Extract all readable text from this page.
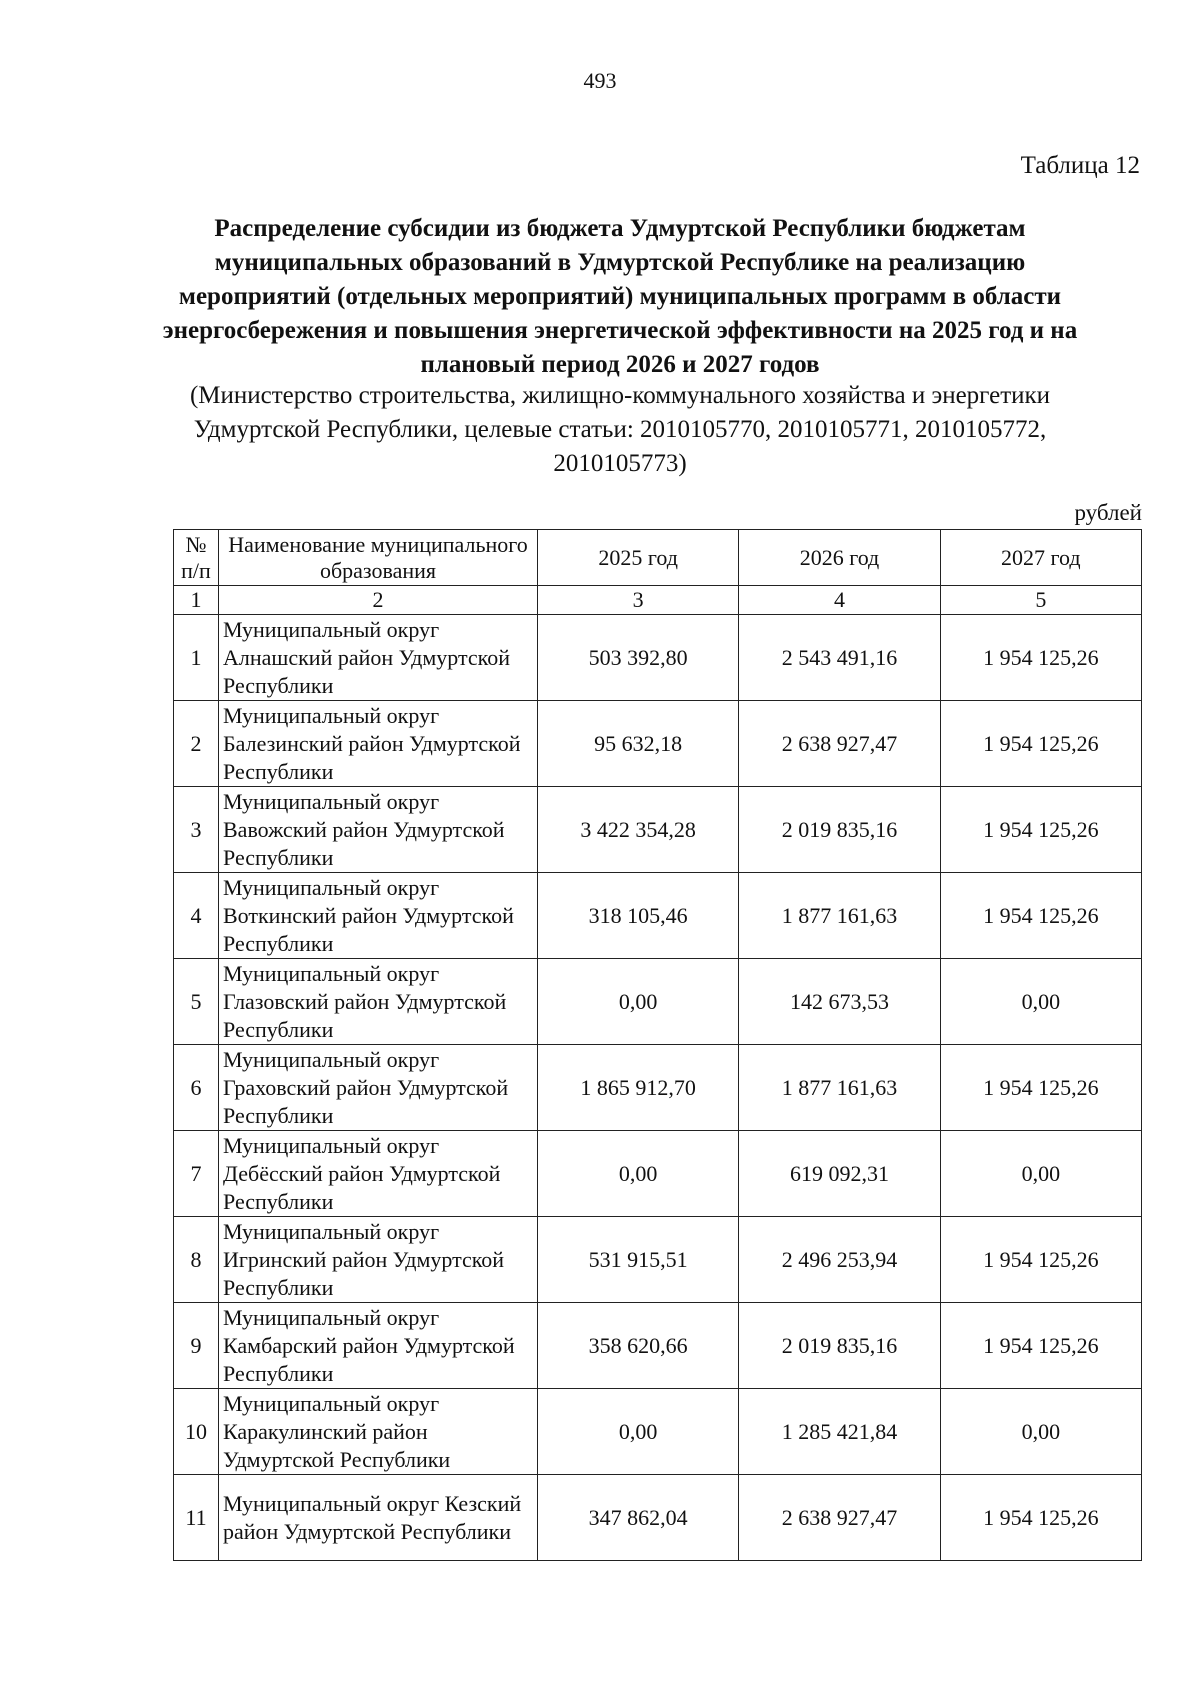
493
Таблица 12
Распределение субсидии из бюджета Удмуртской Республики бюджетам муниципальных образований в Удмуртской Республике на реализацию мероприятий (отдельных мероприятий) муниципальных программ в области энергосбережения и повышения энергетической эффективности на 2025 год и на плановый период 2026 и 2027 годов
(Министерство строительства, жилищно-коммунального хозяйства и энергетики Удмуртской Республики, целевые статьи: 2010105770, 2010105771, 2010105772, 2010105773)
рублей
№ п/п	Наименование муниципального образования	2025 год	2026 год	2027 год
1	2	3	4	5
1	Муниципальный округ Алнашский район Удмуртской Республики	503 392,80	2 543 491,16	1 954 125,26
2	Муниципальный округ Балезинский район Удмуртской Республики	95 632,18	2 638 927,47	1 954 125,26
3	Муниципальный округ Вавожский район Удмуртской Республики	3 422 354,28	2 019 835,16	1 954 125,26
4	Муниципальный округ Воткинский район Удмуртской Республики	318 105,46	1 877 161,63	1 954 125,26
5	Муниципальный округ Глазовский район Удмуртской Республики	0,00	142 673,53	0,00
6	Муниципальный округ Граховский район Удмуртской Республики	1 865 912,70	1 877 161,63	1 954 125,26
7	Муниципальный округ Дебёсский район Удмуртской Республики	0,00	619 092,31	0,00
8	Муниципальный округ Игринский район Удмуртской Республики	531 915,51	2 496 253,94	1 954 125,26
9	Муниципальный округ Камбарский район Удмуртской Республики	358 620,66	2 019 835,16	1 954 125,26
10	Муниципальный округ Каракулинский район Удмуртской Республики	0,00	1 285 421,84	0,00
11	Муниципальный округ Кезский район Удмуртской Республики	347 862,04	2 638 927,47	1 954 125,26
